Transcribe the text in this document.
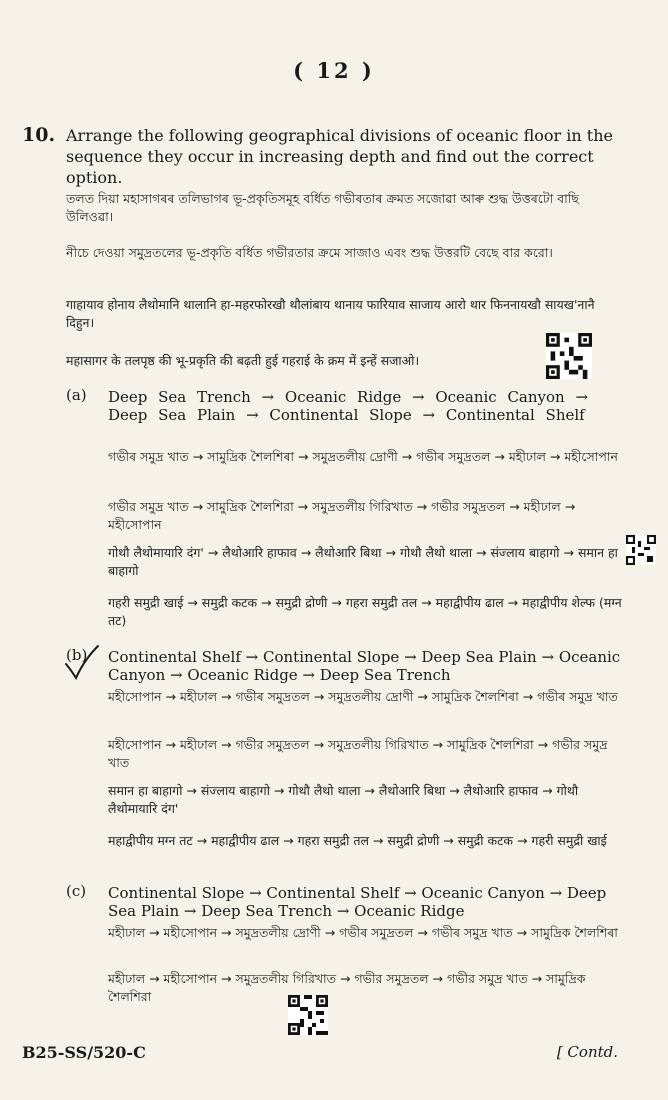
( 12 )
10. Arrange the following geographical divisions of oceanic floor in the sequence they occur in increasing depth and find out the correct option.
তলত দিয়া মহাসাগৰৰ তলিভাগৰ ভূ-প্ৰকৃতিসমূহ বৰ্ধিত গভীৰতাৰ ক্ৰমত সজোৱা আৰু শুদ্ধ উত্তৰটো বাছি উলিওৱা।
নীচে দেওয়া সমুদ্রতলের ভূ-প্রকৃতি বর্ধিত গভীরতার ক্রমে সাজাও এবং শুদ্ধ উত্তরটি বেছে বার করো।
गाहायाव होनाय लैथोमानि थालानि हा-महरफोरखौ थौलांबाय थानाय फारियाव साजाय आरो थार फिननायखौ सायख'नानै दिहुन।
महासागर के तलपृष्ठ की भू-प्रकृति की बढ़ती हुई गहराई के क्रम में इन्हें सजाओ।
(a) Deep Sea Trench → Oceanic Ridge → Oceanic Canyon → Deep Sea Plain → Continental Slope → Continental Shelf
গভীৰ সমুদ্ৰ খাত → সামুদ্ৰিক শৈলশিৰা → সমুদ্ৰতলীয় দ্ৰোণী → গভীৰ সমুদ্ৰতল → মহীঢাল → মহীসোপান
গভীর সমুদ্র খাত → সামুদ্রিক শৈলশিরা → সমুদ্রতলীয় গিরিখাত → গভীর সমুদ্রতল → মহীঢাল → মহীসোপান
गोथौ लैथोमायारि दंग' → लैथोआरि हाफाव → लैथोआरि बिथा → गोथौ लैथो थाला → संज्लाय बाहागो → समान हा बाहागो
गहरी समुद्री खाई → समुद्री कटक → समुद्री द्रोणी → गहरा समुद्री तल → महाद्वीपीय ढाल → महाद्वीपीय शेल्फ (मग्न तट)
(b) Continental Shelf → Continental Slope → Deep Sea Plain → Oceanic Canyon → Oceanic Ridge → Deep Sea Trench
মহীসোপান → মহীঢাল → গভীৰ সমুদ্ৰতল → সমুদ্ৰতলীয় দ্ৰোণী → সামুদ্ৰিক শৈলশিৰা → গভীৰ সমুদ্ৰ খাত
মহীসোপান → মহীঢাল → গভীর সমুদ্রতল → সমুদ্রতলীয় গিরিখাত → সামুদ্রিক শৈলশিরা → গভীর সমুদ্র খাত
समान हा बाहागो → संज्लाय बाहागो → गोथौ लैथो थाला → लैथोआरि बिथा → लैथोआरि हाफाव → गोथौ लैथोमायारि दंग'
महाद्वीपीय मग्न तट → महाद्वीपीय ढाल → गहरा समुद्री तल → समुद्री द्रोणी → समुद्री कटक → गहरी समुद्री खाई
(c) Continental Slope → Continental Shelf → Oceanic Canyon → Deep Sea Plain → Deep Sea Trench → Oceanic Ridge
মহীঢাল → মহীসোপান → সমুদ্ৰতলীয় দ্ৰোণী → গভীৰ সমুদ্ৰতল → গভীৰ সমুদ্ৰ খাত → সামুদ্ৰিক শৈলশিৰা
মহীঢাল → মহীসোপান → সমুদ্রতলীয় গিরিখাত → গভীর সমুদ্রতল → গভীর সমুদ্র খাত → সামুদ্রিক শৈলশিরা
B25-SS/520-C	[ Contd.
